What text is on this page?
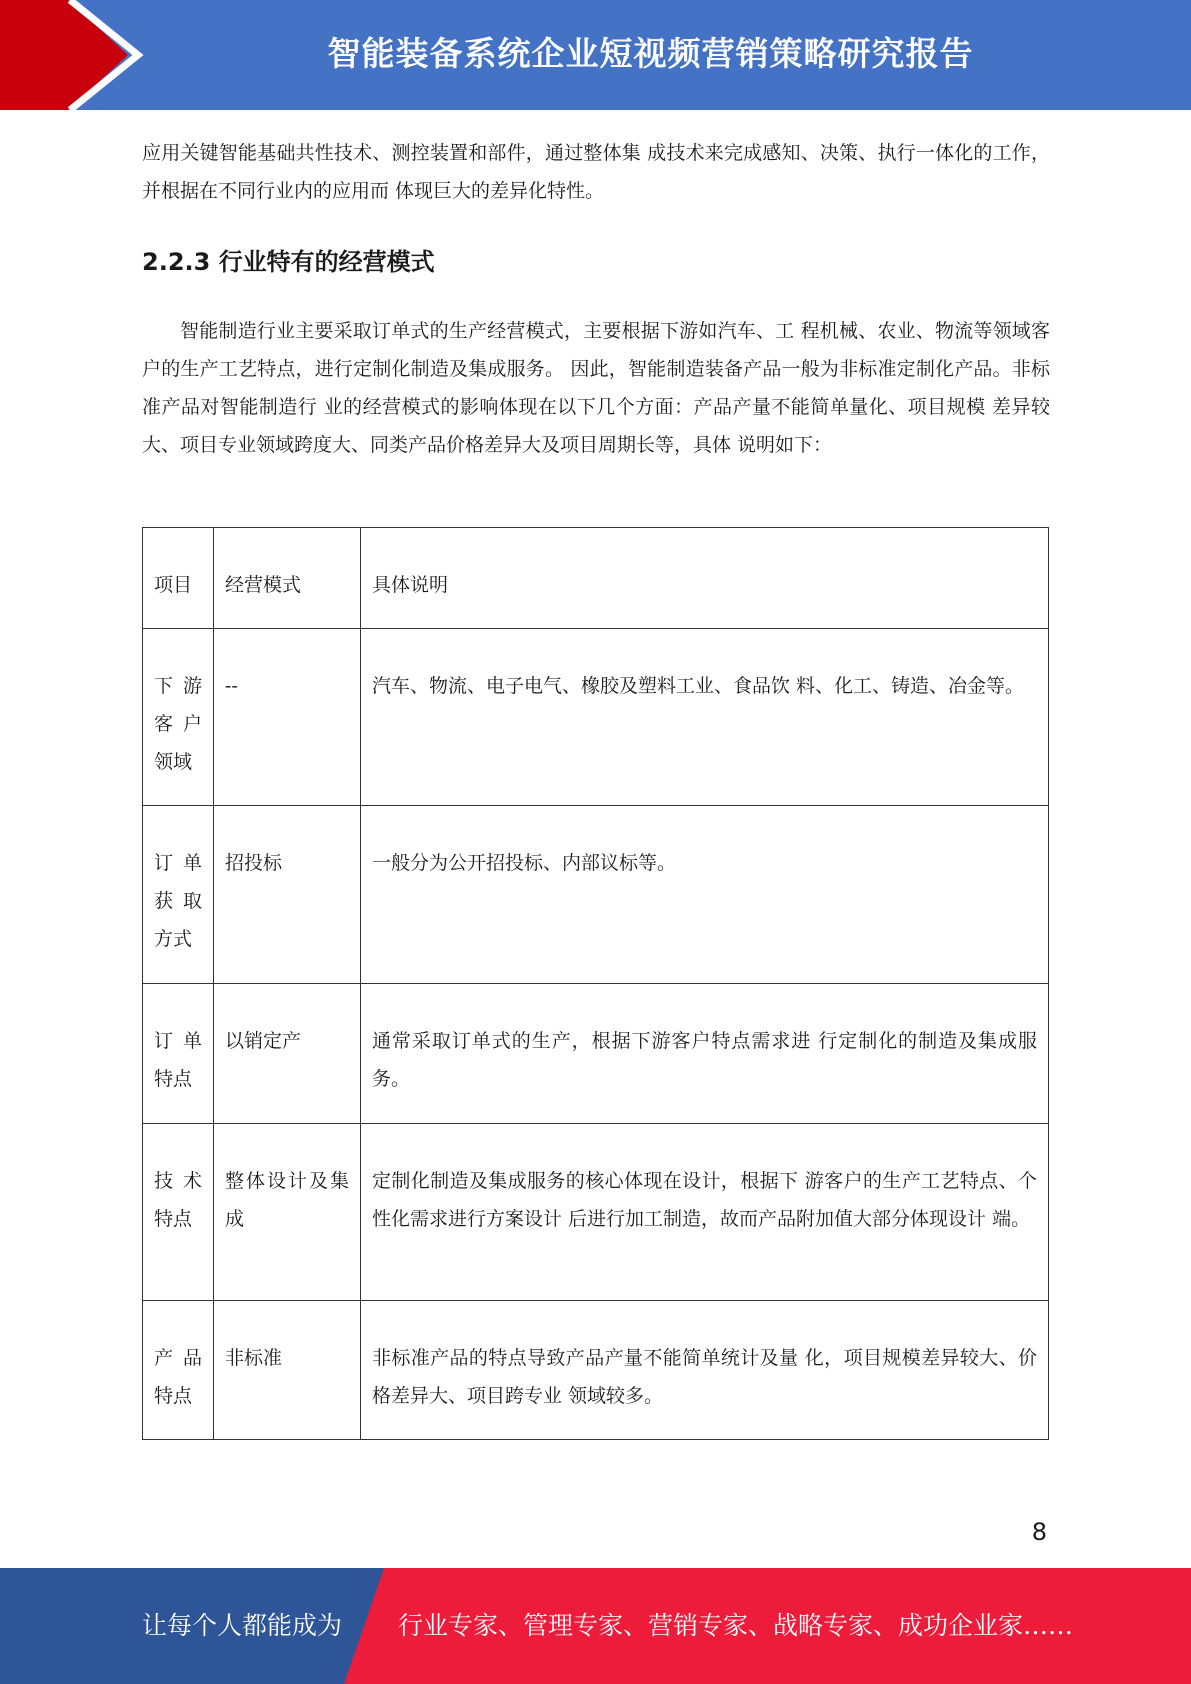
智能装备系统企业短视频营销策略研究报告

应用关键智能基础共性技术、测控装置和部件，通过整体集 成技术来完成感知、决策、执行一体化的工作，并根据在不同行业内的应用而 体现巨大的差异化特性。

2.2.3 行业特有的经营模式

智能制造行业主要采取订单式的生产经营模式，主要根据下游如汽车、工 程机械、农业、物流等领域客户的生产工艺特点，进行定制化制造及集成服务。 因此，智能制造装备产品一般为非标准定制化产品。非标准产品对智能制造行 业的经营模式的影响体现在以下几个方面：产品产量不能简单量化、项目规模 差异较大、项目专业领域跨度大、同类产品价格差异大及项目周期长等，具体 说明如下：

项目	经营模式	具体说明
下游客户领域	--	汽车、物流、电子电气、橡胶及塑料工业、食品饮 料、化工、铸造、冶金等。
订单获取方式	招投标	一般分为公开招投标、内部议标等。
订单特点	以销定产	通常采取订单式的生产，根据下游客户特点需求进 行定制化的制造及集成服务。
技术特点	整体设计及集成	定制化制造及集成服务的核心体现在设计，根据下 游客户的生产工艺特点、个性化需求进行方案设计 后进行加工制造，故而产品附加值大部分体现设计 端。
产品特点	非标准	非标准产品的特点导致产品产量不能简单统计及量 化，项目规模差异较大、价格差异大、项目跨专业 领域较多。
8
让每个人都能成为 行业专家、管理专家、营销专家、战略专家、成功企业家……
